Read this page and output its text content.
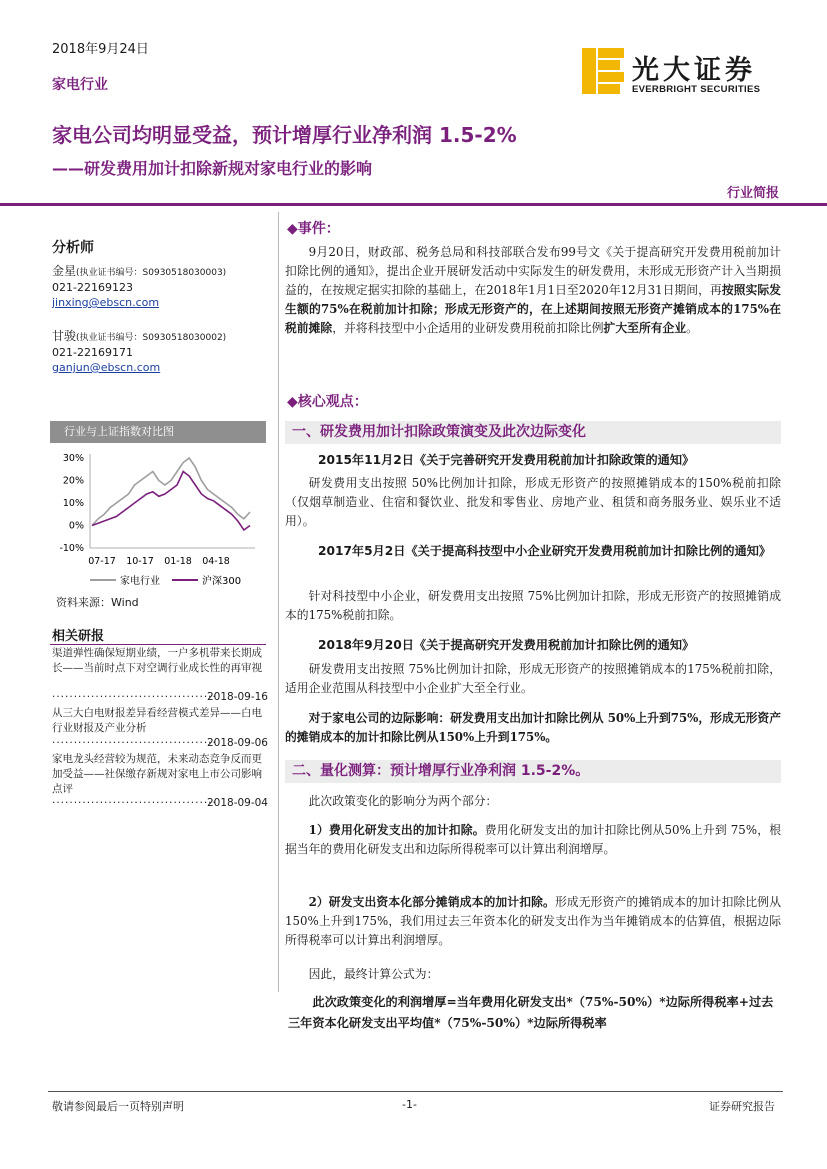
2018年9月24日
家电行业	光大证券
EVERBRIGHT SECURITIES
家电公司均明显受益，预计增厚行业净利润 1.5-2%
——研发费用加计扣除新规对家电行业的影响
行业简报
分析师
金星(执业证书编号：S0930518030003)
021-22169123
jinxing@ebscn.com
甘骏(执业证书编号：S0930518030002)
021-22169171
ganjun@ebscn.com
行业与上证指数对比图
30%
20%
10%
0%
-10%
07-17 10-17 01-18 04-18
家电行业	沪深300
资料来源：Wind
相关研报
渠道弹性确保短期业绩，一户多机带来长期成长——当前时点下对空调行业成长性的再审视
······································
2018-09-16
从三大白电财报差异看经营模式差异——白电行业财报及产业分析
······································
2018-09-06
家电龙头经营较为规范，未来动态竞争反而更加受益——社保缴存新规对家电上市公司影响点评
······································
2018-09-04
◆事件：

9月20日，财政部、税务总局和科技部联合发布99号文《关于提高研究开发费用税前加计扣除比例的通知》，提出企业开展研发活动中实际发生的研发费用，未形成无形资产计入当期损益的，在按规定据实扣除的基础上，在2018年1月1日至2020年12月31日期间，再按照实际发生额的75%在税前加计扣除；形成无形资产的，在上述期间按照无形资产摊销成本的175%在税前摊除，并将科技型中小企适用的业研发费用税前扣除比例扩大至所有企业。

◆核心观点：
一、研发费用加计扣除政策演变及此次边际变化
2015年11月2日《关于完善研究开发费用税前加计扣除政策的通知》

研发费用支出按照 50%比例加计扣除，形成无形资产的按照摊销成本的150%税前扣除（仅烟草制造业、住宿和餐饮业、批发和零售业、房地产业、租赁和商务服务业、娱乐业不适用）。

2017年5月2日《关于提高科技型中小企业研究开发费用税前加计扣除比例的通知》

针对科技型中小企业，研发费用支出按照 75%比例加计扣除，形成无形资产的按照摊销成本的175%税前扣除。

2018年9月20日《关于提高研究开发费用税前加计扣除比例的通知》

研发费用支出按照 75%比例加计扣除，形成无形资产的按照摊销成本的175%税前扣除，适用企业范围从科技型中小企业扩大至全行业。

对于家电公司的边际影响：研发费用支出加计扣除比例从 50%上升到75%，形成无形资产的摊销成本的加计扣除比例从150%上升到175%。

二、量化测算：预计增厚行业净利润 1.5-2%。

此次政策变化的影响分为两个部分：

1）费用化研发支出的加计扣除。费用化研发支出的加计扣除比例从50%上升到 75%，根据当年的费用化研发支出和边际所得税率可以计算出利润增厚。

2）研发支出资本化部分摊销成本的加计扣除。形成无形资产的摊销成本的加计扣除比例从150%上升到175%，我们用过去三年资本化的研发支出作为当年摊销成本的估算值，根据边际所得税率可以计算出利润增厚。

因此，最终计算公式为：

此次政策变化的利润增厚=当年费用化研发支出*（75%-50%）*边际所得税率+过去三年资本化研发支出平均值*（75%-50%）*边际所得税率

敬请参阅最后一页特别声明	-1-	证券研究报告
